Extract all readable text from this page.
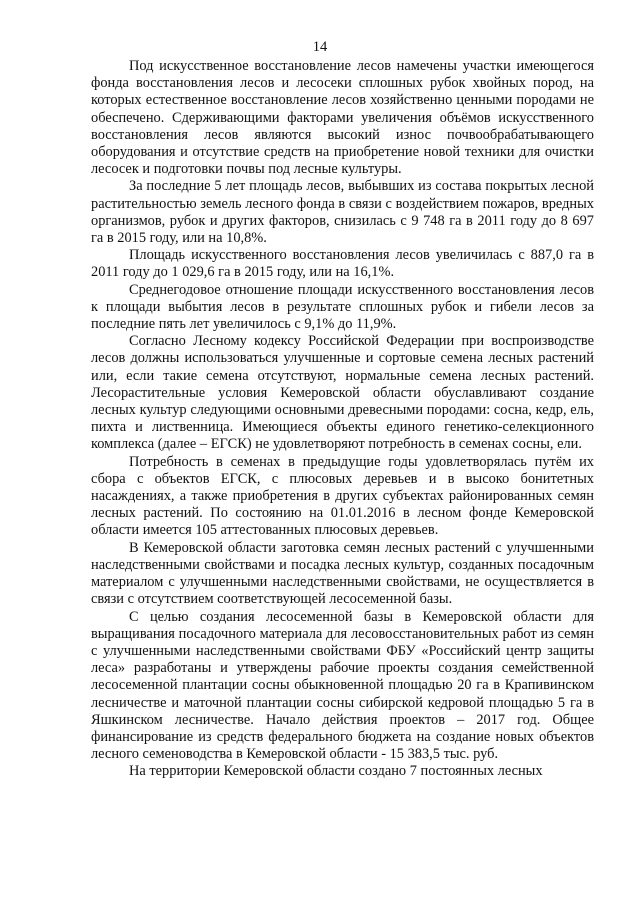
14

Под искусственное восстановление лесов намечены участки имеющегося фонда восстановления лесов и лесосеки сплошных рубок хвойных пород, на которых естественное восстановление лесов хозяйственно ценными породами не обеспечено. Сдерживающими факторами увеличения объёмов искусственного восстановления лесов являются высокий износ почвообрабатывающего оборудования и отсутствие средств на приобретение новой техники для очистки лесосек и подготовки почвы под лесные культуры.

За последние 5 лет площадь лесов, выбывших из состава покрытых лесной растительностью земель лесного фонда в связи с воздействием пожаров, вредных организмов, рубок и других факторов, снизилась с 9 748 га в 2011 году до 8 697 га в 2015 году, или на 10,8%.

Площадь искусственного восстановления лесов увеличилась с 887,0 га в 2011 году до 1 029,6 га в 2015 году, или на 16,1%.

Среднегодовое отношение площади искусственного восстановления лесов к площади выбытия лесов в результате сплошных рубок и гибели лесов за последние пять лет увеличилось с 9,1% до 11,9%.

Согласно Лесному кодексу Российской Федерации при воспроизводстве лесов должны использоваться улучшенные и сортовые семена лесных растений или, если такие семена отсутствуют, нормальные семена лесных растений. Лесорастительные условия Кемеровской области обуславливают создание лесных культур следующими основными древесными породами: сосна, кедр, ель, пихта и лиственница. Имеющиеся объекты единого генетико-селекционного комплекса (далее – ЕГСК) не удовлетворяют потребность в семенах сосны, ели.

Потребность в семенах в предыдущие годы удовлетворялась путём их сбора с объектов ЕГСК, с плюсовых деревьев и в высоко бонитетных насаждениях, а также приобретения в других субъектах районированных семян лесных растений. По состоянию на 01.01.2016 в лесном фонде Кемеровской области имеется 105 аттестованных плюсовых деревьев.

В Кемеровской области заготовка семян лесных растений с улучшенными наследственными свойствами и посадка лесных культур, созданных посадочным материалом с улучшенными наследственными свойствами, не осуществляется в связи с отсутствием соответствующей лесосеменной базы.

С целью создания лесосеменной базы в Кемеровской области для выращивания посадочного материала для лесовосстановительных работ из семян с улучшенными наследственными свойствами ФБУ «Российский центр защиты леса» разработаны и утверждены рабочие проекты создания семейственной лесосеменной плантации сосны обыкновенной площадью 20 га в Крапивинском лесничестве и маточной плантации сосны сибирской кедровой площадью 5 га в Яшкинском лесничестве. Начало действия проектов – 2017 год. Общее финансирование из средств федерального бюджета на создание новых объектов лесного семеноводства в Кемеровской области - 15 383,5 тыс. руб.

На территории Кемеровской области создано 7 постоянных лесных
